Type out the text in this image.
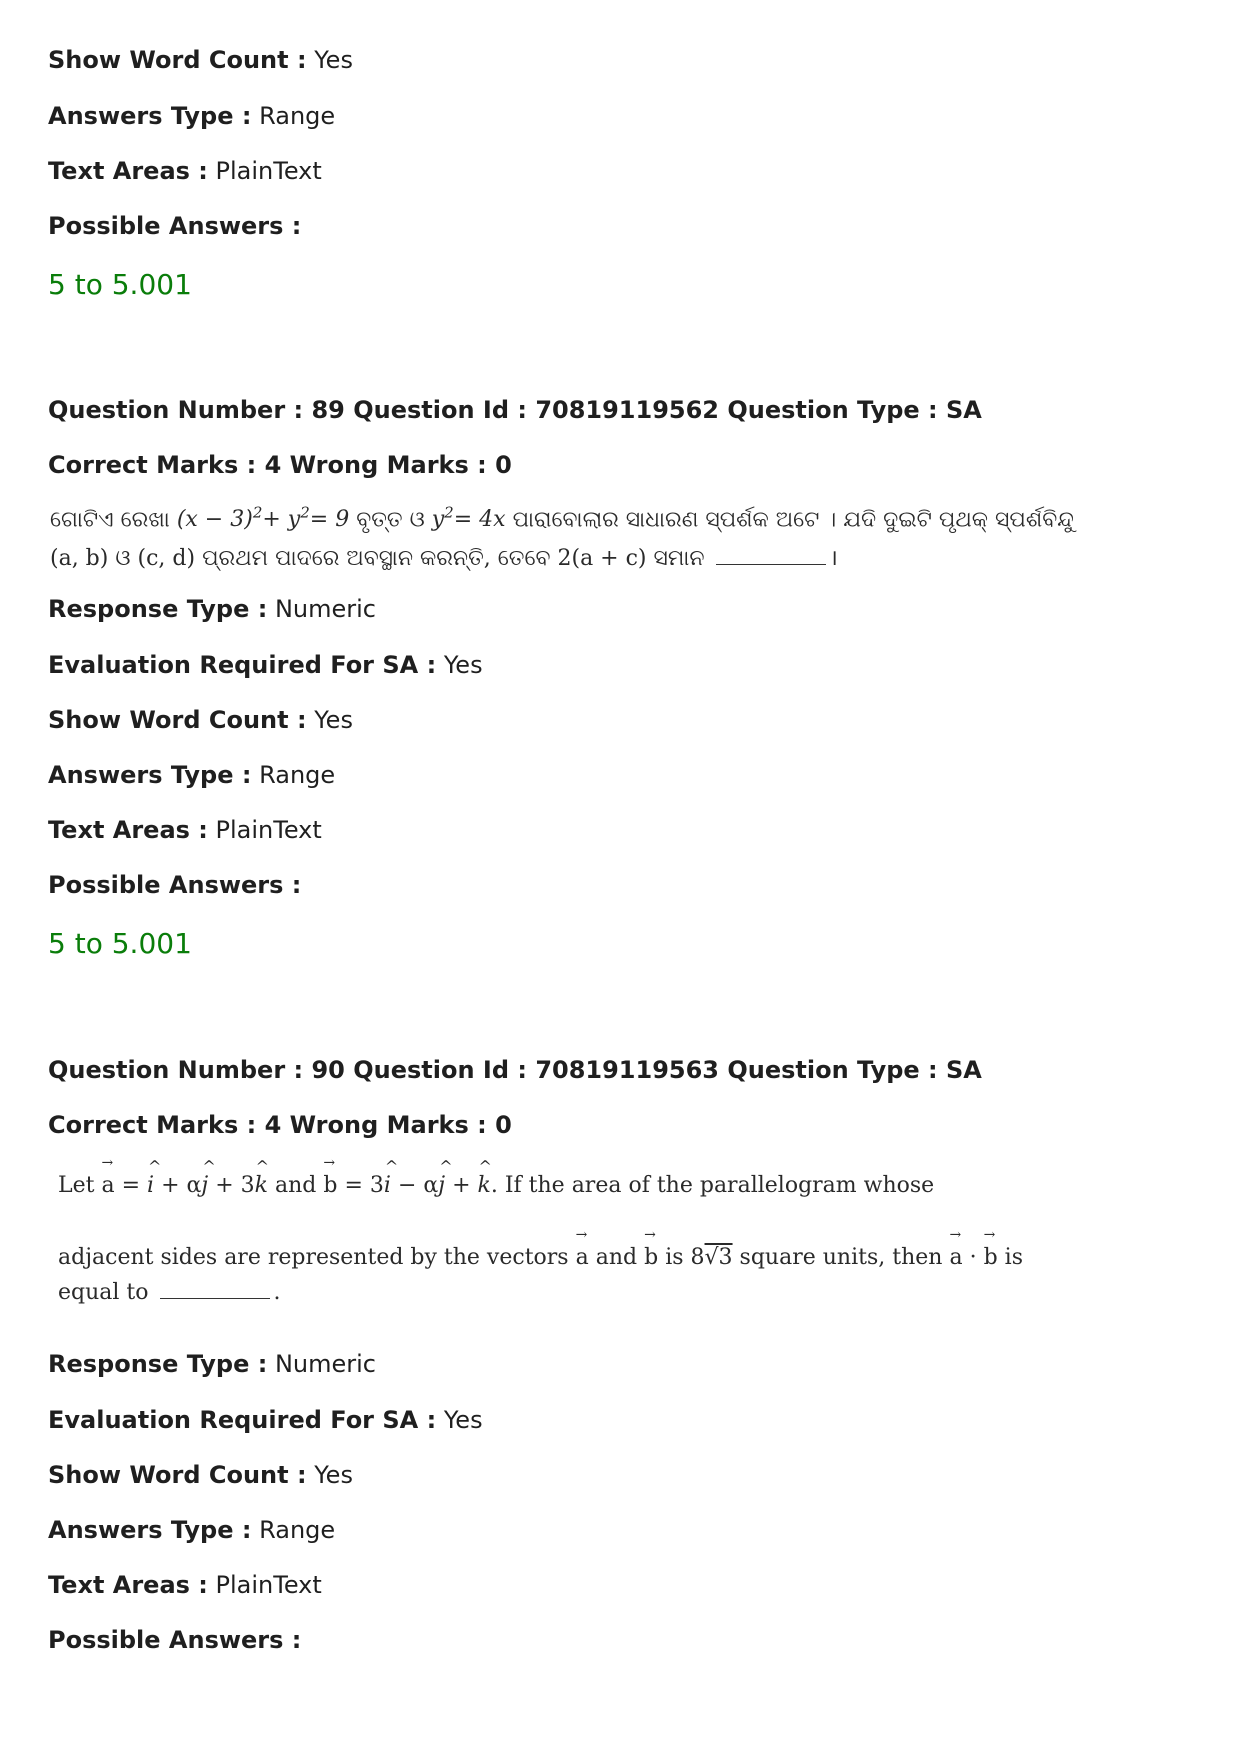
Show Word Count : Yes
Answers Type : Range
Text Areas : PlainText
Possible Answers :
5 to 5.001
Question Number : 89 Question Id : 70819119562 Question Type : SA
Correct Marks : 4 Wrong Marks : 0
ଗୋଟିଏ ରେଖା $(x - 3)^2+ y^2= 9$ ବୃତ୍ତ ଓ $y^2= 4x$ ପାରାବୋଲାର ସାଧାରଣ ସ୍ପର୍ଶକ ଅଟେ । ଯଦି ଦୁଇଟି ପୃଥକ୍ ସ୍ପର୍ଶବିନ୍ଦୁ
(a, b) ଓ (c, d) ପ୍ରଥମ ପାଦରେ ଅବସ୍ଥାନ କରନ୍ତି, ତେବେ 2(a + c) ସମାନ	।
Response Type : Numeric
Evaluation Required For SA : Yes
Show Word Count : Yes
Answers Type : Range
Text Areas : PlainText
Possible Answers :
5 to 5.001
Question Number : 90 Question Id : 70819119563 Question Type : SA
Correct Marks : 4 Wrong Marks : 0
Let → a = ^ i + α^ j + 3^ k and → b = 3^ i − α^ j + ^ k. If the area of the parallelogram whose
adjacent sides are represented by the vectors → a and → b is 8√3 square units, then → a · → b is
equal to	.
Response Type : Numeric
Evaluation Required For SA : Yes
Show Word Count : Yes
Answers Type : Range
Text Areas : PlainText
Possible Answers :
